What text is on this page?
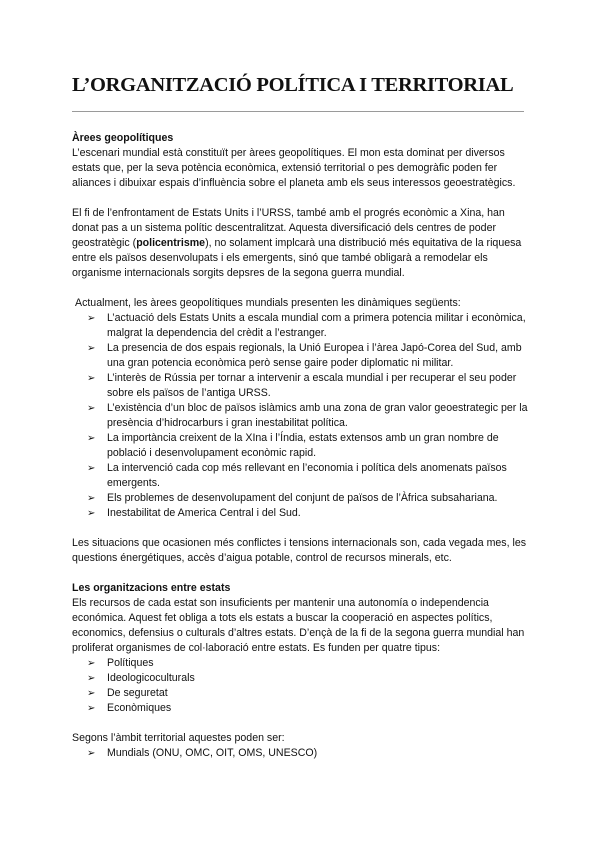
L’ORGANITZACIÓ POLÍTICA I TERRITORIAL

Àrees geopolítiques

L’escenari mundial està constituït per àrees geopolítiques. El mon esta dominat per diversos estats que, per la seva potència econòmica, extensió territorial o pes demogràfic poden fer aliances i dibuixar espais d’influència sobre el planeta amb els seus interessos geoestratègics.

El fi de l’enfrontament de Estats Units i l’URSS, també amb el progrés econòmic a Xina, han donat pas a un sistema polític descentralitzat. Aquesta diversificació dels centres de poder geostratègic (policentrisme), no solament implcarà una distribució més equitativa de la riquesa entre els països desenvolupats i els emergents, sinó que també obligarà a remodelar els organisme internacionals sorgits depsres de la segona guerra mundial.

Actualment, les àrees geopolítiques mundials presenten les dinàmiques següents:

➢	L’actuació dels Estats Units a escala mundial com a primera potencia militar i econòmica, malgrat la dependencia del crèdit a l’estranger.
➢	La presencia de dos espais regionals, la Unió Europea i l’àrea Japó-Corea del Sud, amb una gran potencia econòmica però sense gaire poder diplomatic ni militar.
➢	L’interès de Rússia per tornar a intervenir a escala mundial i per recuperar el seu poder sobre els països de l’antiga URSS.
➢	L’existència d’un bloc de països islàmics amb una zona de gran valor geoestrategic per la presència d’hidrocarburs i gran inestabilitat política.
➢	La importància creixent de la XIna i l’Índia, estats extensos amb un gran nombre de població i desenvolupament econòmic rapid.
➢	La intervenció cada cop més rellevant en l’economia i política dels anomenats països emergents.
➢	Els problemes de desenvolupament del conjunt de països de l’Àfrica subsahariana.
➢	Inestabilitat de America Central i del Sud.

Les situacions que ocasionen més conflictes i tensions internacionals son, cada vegada mes, les questions énergétiques, accès d’aigua potable, control de recursos minerals, etc.

Les organitzacions entre estats

Els recursos de cada estat son insuficients per mantenir una autonomía o independencia económica. Aquest fet obliga a tots els estats a buscar la cooperació en aspectes polítics, economics, defensius o culturals d’altres estats. D’ençà de la fi de la segona guerra mundial han proliferat organismes de col·laboració entre estats. Es funden per quatre tipus:

➢	Polítiques
➢	Ideologicoculturals
➢	De seguretat
➢	Econòmiques

Segons l’àmbit territorial aquestes poden ser:

➢	Mundials (ONU, OMC, OIT, OMS, UNESCO)
